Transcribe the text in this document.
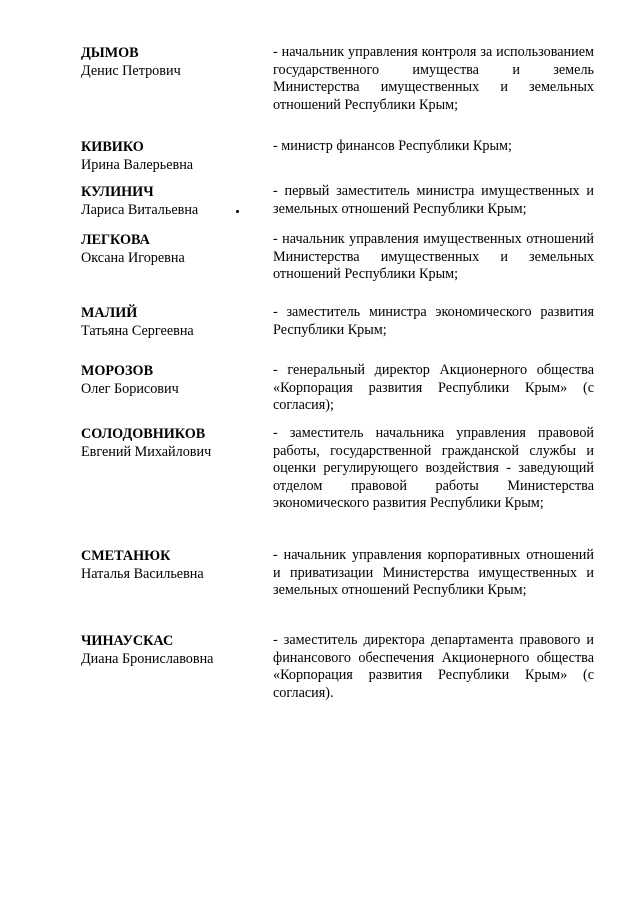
ДЫМОВ
Денис Петрович
- начальник управления контроля за использованием государственного имущества и земель Министерства имущественных и земельных отношений Республики Крым;
КИВИКО
Ирина Валерьевна
- министр финансов Республики Крым;
КУЛИНИЧ
Лариса Витальевна
- первый заместитель министра имущественных и земельных отношений Республики Крым;
ЛЕГКОВА
Оксана Игоревна
- начальник управления имущественных отношений Министерства имущественных и земельных отношений Республики Крым;
МАЛИЙ
Татьяна Сергеевна
- заместитель министра экономического развития Республики Крым;
МОРОЗОВ
Олег Борисович
- генеральный директор Акционерного общества «Корпорация развития Республики Крым» (с согласия);
СОЛОДОВНИКОВ
Евгений Михайлович
- заместитель начальника управления правовой работы, государственной гражданской службы и оценки регулирующего воздействия - заведующий отделом правовой работы Министерства экономического развития Республики Крым;
СМЕТАНЮК
Наталья Васильевна
- начальник управления корпоративных отношений и приватизации Министерства имущественных и земельных отношений Республики Крым;
ЧИНАУСКАС
Диана Брониславовна
- заместитель директора департамента правового и финансового обеспечения Акционерного общества «Корпорация развития Республики Крым» (с согласия).
